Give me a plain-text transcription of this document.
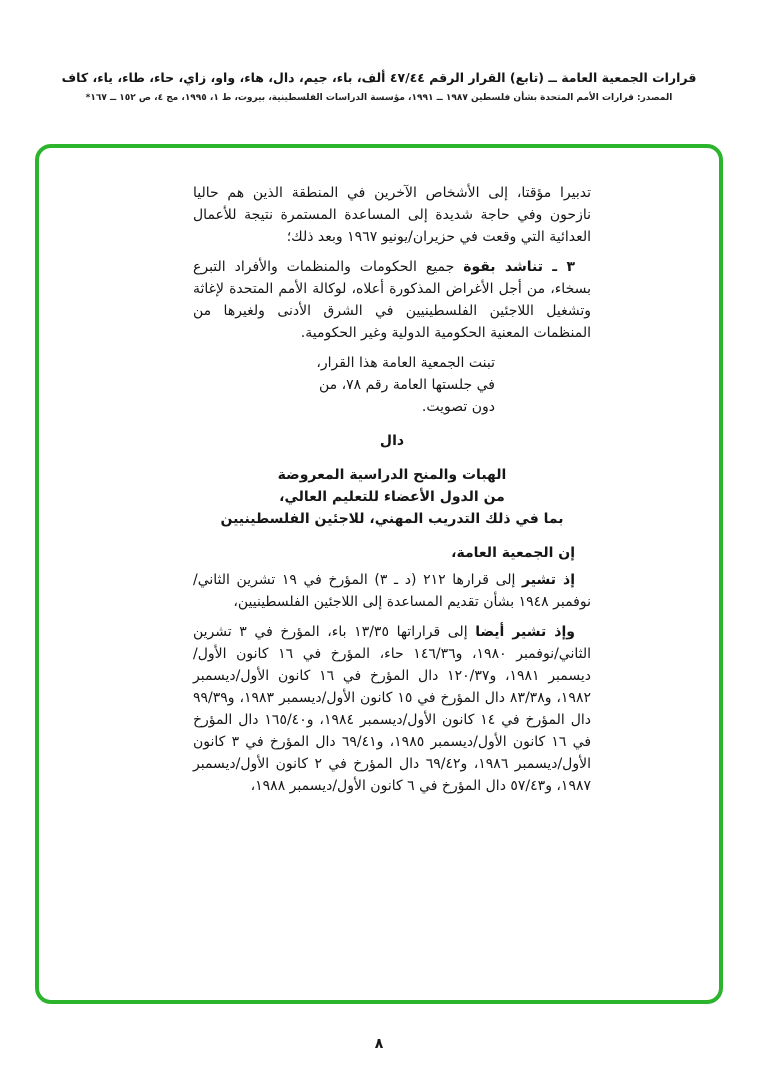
قرارات الجمعية العامة ــ (تابع) القرار الرقم ٤٧/٤٤ ألف، باء، جيم، دال، هاء، واو، زاي، حاء، طاء، ياء، كاف
المصدر: قرارات الأمم المتحدة بشأن فلسطين ١٩٨٧ ــ ١٩٩١، مؤسسة الدراسات الفلسطينية، بيروت، ط ١، ١٩٩٥، مج ٤، ص ١٥٢ ــ ١٦٧*

تدبيرا مؤقتا، إلى الأشخاص الآخرين في المنطقة الذين هم حاليا نازحون وفي حاجة شديدة إلى المساعدة المستمرة نتيجة للأعمال العدائية التي وقعت في حزيران/يونيو ١٩٦٧ وبعد ذلك؛

٣ ـ تناشد بقوة جميع الحكومات والمنظمات والأفراد التبرع بسخاء، من أجل الأغراض المذكورة أعلاه، لوكالة الأمم المتحدة لإغاثة وتشغيل اللاجئين الفلسطينيين في الشرق الأدنى ولغيرها من المنظمات المعنية الحكومية الدولية وغير الحكومية.

تبنت الجمعية العامة هذا القرار،
في جلستها العامة رقم ٧٨، من
دون تصويت.
دال
الهبات والمنح الدراسية المعروضة
من الدول الأعضاء للتعليم العالي،
بما في ذلك التدريب المهني، للاجئين الفلسطينيين

إن الجمعية العامة،

إذ تشير إلى قرارها ٢١٢ (د ـ ٣) المؤرخ في ١٩ تشرين الثاني/نوفمبر ١٩٤٨ بشأن تقديم المساعدة إلى اللاجئين الفلسطينيين،

وإذ تشير أيضا إلى قراراتها ١٣/٣٥ باء، المؤرخ في ٣ تشرين الثاني/نوفمبر ١٩٨٠، و١٤٦/٣٦ حاء، المؤرخ في ١٦ كانون الأول/ديسمبر ١٩٨١، و١٢٠/٣٧ دال المؤرخ في ١٦ كانون الأول/ديسمبر ١٩٨٢، و٨٣/٣٨ دال المؤرخ في ١٥ كانون الأول/ديسمبر ١٩٨٣، و٩٩/٣٩ دال المؤرخ في ١٤ كانون الأول/ديسمبر ١٩٨٤، و١٦٥/٤٠ دال المؤرخ في ١٦ كانون الأول/ديسمبر ١٩٨٥، و٦٩/٤١ دال المؤرخ في ٣ كانون الأول/ديسمبر ١٩٨٦، و٦٩/٤٢ دال المؤرخ في ٢ كانون الأول/ديسمبر ١٩٨٧، و٥٧/٤٣ دال المؤرخ في ٦ كانون الأول/ديسمبر ١٩٨٨،

٨
